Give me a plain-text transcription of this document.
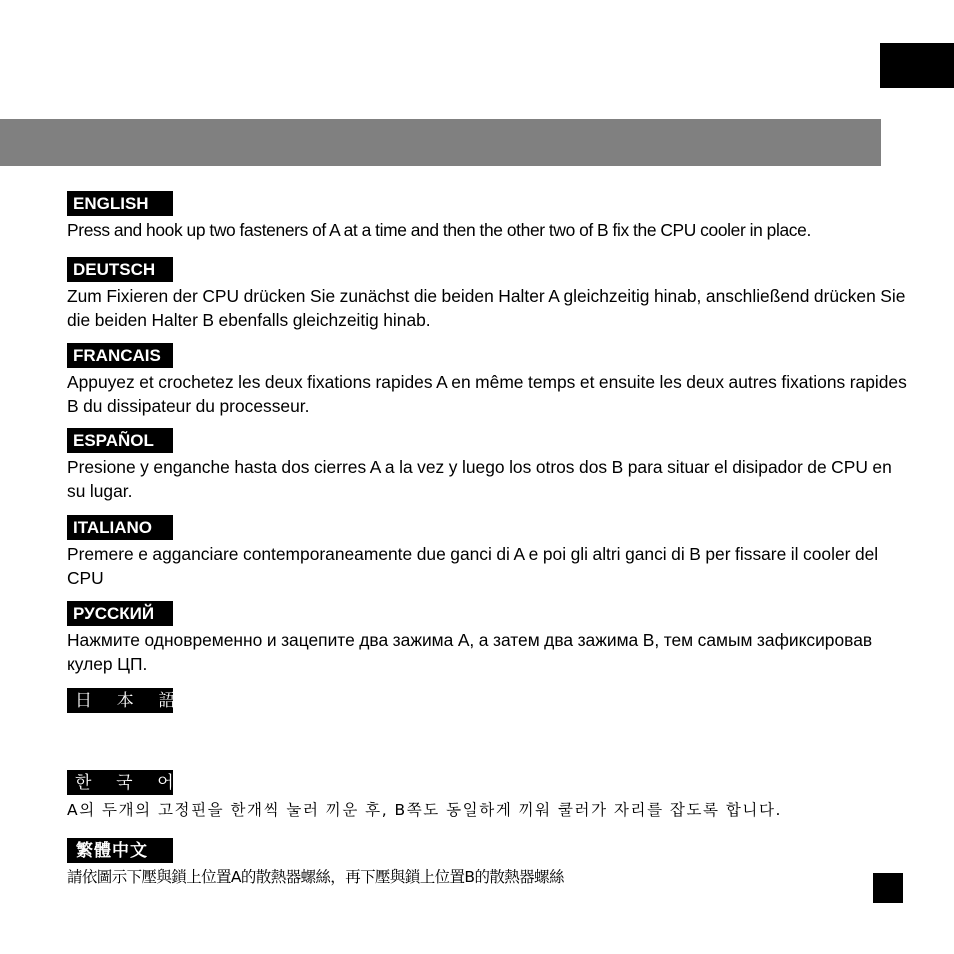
ENGLISH
Press and hook up two fasteners of A at a time and then the other two of B fix the CPU cooler in place.
DEUTSCH
Zum Fixieren der CPU drücken Sie zunächst die beiden Halter A gleichzeitig hinab, anschließend drücken Sie die beiden Halter B ebenfalls gleichzeitig hinab.
FRANCAIS
Appuyez et crochetez les deux fixations rapides A en même temps et ensuite les deux autres fixations rapides B du dissipateur du processeur.
ESPAÑOL
Presione y enganche hasta dos cierres A a la vez y luego los otros dos B para situar el disipador de CPU en su lugar.
ITALIANO
Premere e agganciare contemporaneamente due ganci di A e poi gli altri ganci di B per fissare il cooler del CPU
РУССКИЙ
Нажмите одновременно и зацепите два зажима А, а затем два зажима В, тем самым зафиксировав кулер ЦП.
日 本 語
한 국 어
A의 두개의 고정핀을 한개씩 눌러 끼운 후, B쪽도 동일하게 끼워 쿨러가 자리를 잡도록 합니다.
繁體中文
請依圖示下壓與鎖上位置A的散熱器螺絲，再下壓與鎖上位置B的散熱器螺絲
